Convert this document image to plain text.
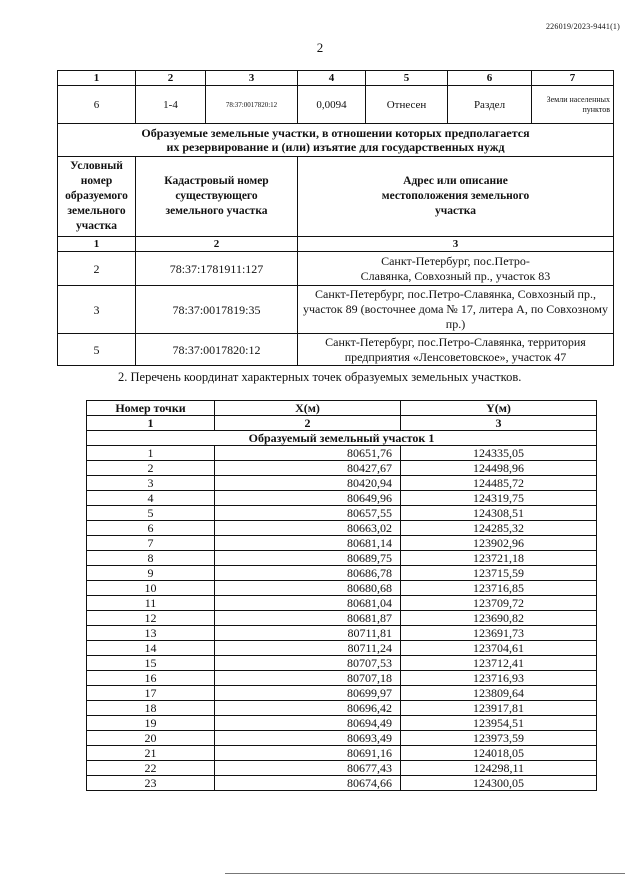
226019/2023-9441(1)
2
1	2	3	4	5	6	7
6	1-4	78:37:0017820:12	0,0094	Отнесен	Раздел	Земли населенных пунктов

Образуемые земельные участки, в отношении которых предполагается
их резервирование и (или) изъятие для государственных нужд						

Условный номер образуемого земельного участка	Кадастровый номер существующего земельного участка		Адрес или описание местоположения земельного участка			
1	2		3			
2	78:37:1781911:127		Санкт-Петербург, пос.Петро-Славянка, Совхозный пр., участок 83			
3	78:37:0017819:35		Санкт-Петербург, пос.Петро-Славянка, Совхозный пр., участок 89 (восточнее дома № 17, литера А, по Совхозному пр.)			
5	78:37:0017820:12		Санкт-Петербург, пос.Петро-Славянка, территория предприятия «Ленсоветовское», участок 47			
2. Перечень координат характерных точек образуемых земельных участков.
Номер точки	X(м)	Y(м)
1	2	3
Образуемый земельный участок 1		
1	80651,76	124335,05
2	80427,67	124498,96
3	80420,94	124485,72
4	80649,96	124319,75
5	80657,55	124308,51
6	80663,02	124285,32
7	80681,14	123902,96
8	80689,75	123721,18
9	80686,78	123715,59
10	80680,68	123716,85
11	80681,04	123709,72
12	80681,87	123690,82
13	80711,81	123691,73
14	80711,24	123704,61
15	80707,53	123712,41
16	80707,18	123716,93
17	80699,97	123809,64
18	80696,42	123917,81
19	80694,49	123954,51
20	80693,49	123973,59
21	80691,16	124018,05
22	80677,43	124298,11
23	80674,66	124300,05
